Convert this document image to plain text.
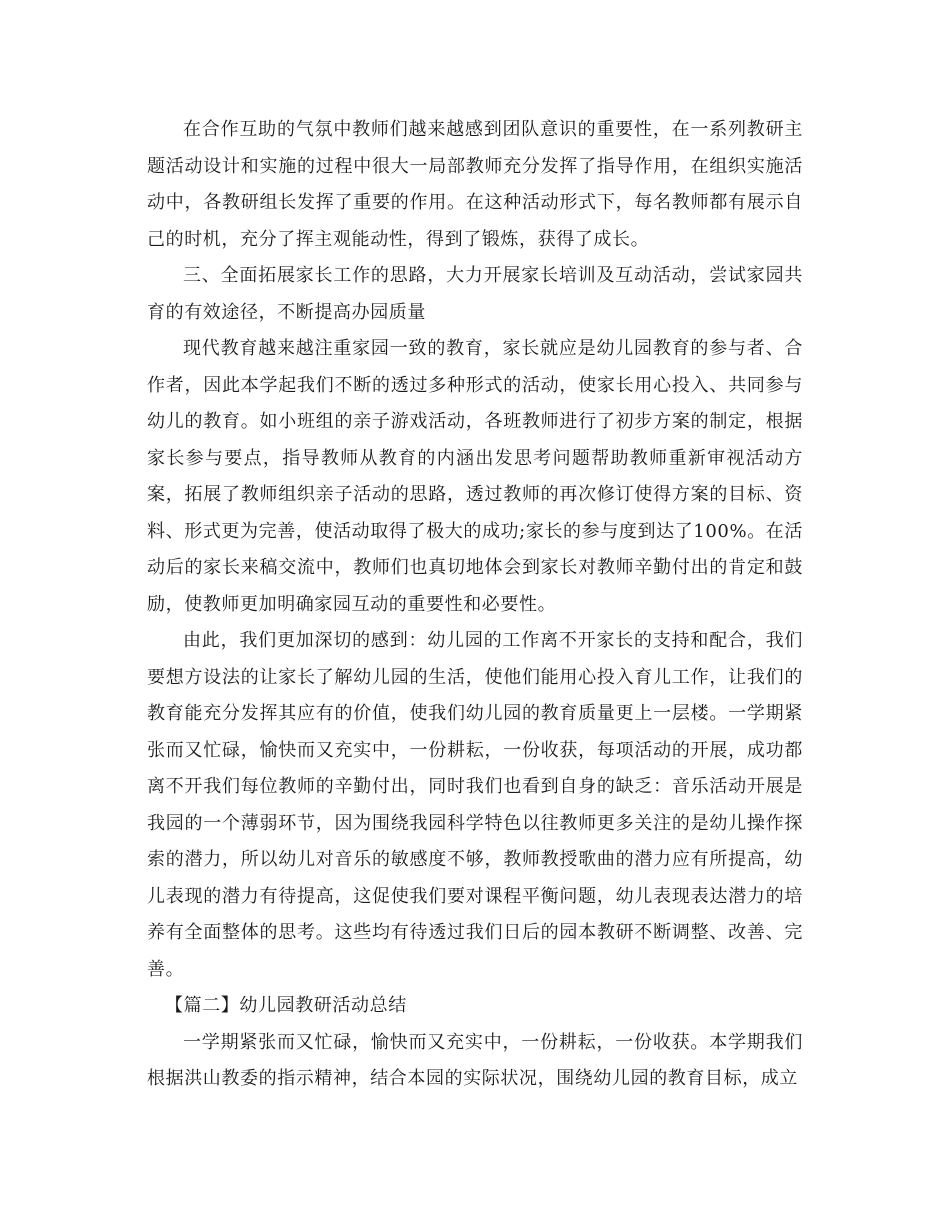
在合作互助的气氛中教师们越来越感到团队意识的重要性，在一系列教研主题活动设计和实施的过程中很大一局部教师充分发挥了指导作用，在组织实施活动中，各教研组长发挥了重要的作用。在这种活动形式下，每名教师都有展示自己的时机，充分了挥主观能动性，得到了锻炼，获得了成长。

三、全面拓展家长工作的思路，大力开展家长培训及互动活动，尝试家园共育的有效途径，不断提高办园质量

现代教育越来越注重家园一致的教育，家长就应是幼儿园教育的参与者、合作者，因此本学起我们不断的透过多种形式的活动，使家长用心投入、共同参与幼儿的教育。如小班组的亲子游戏活动，各班教师进行了初步方案的制定，根据家长参与要点，指导教师从教育的内涵出发思考问题帮助教师重新审视活动方案，拓展了教师组织亲子活动的思路，透过教师的再次修订使得方案的目标、资料、形式更为完善，使活动取得了极大的成功;家长的参与度到达了100%。在活动后的家长来稿交流中，教师们也真切地体会到家长对教师辛勤付出的肯定和鼓励，使教师更加明确家园互动的重要性和必要性。

由此，我们更加深切的感到：幼儿园的工作离不开家长的支持和配合，我们要想方设法的让家长了解幼儿园的生活，使他们能用心投入育儿工作，让我们的教育能充分发挥其应有的价值，使我们幼儿园的教育质量更上一层楼。一学期紧张而又忙碌，愉快而又充实中，一份耕耘，一份收获，每项活动的开展，成功都离不开我们每位教师的辛勤付出，同时我们也看到自身的缺乏：音乐活动开展是我园的一个薄弱环节，因为围绕我园科学特色以往教师更多关注的是幼儿操作探索的潜力，所以幼儿对音乐的敏感度不够，教师教授歌曲的潜力应有所提高，幼儿表现的潜力有待提高，这促使我们要对课程平衡问题，幼儿表现表达潜力的培养有全面整体的思考。这些均有待透过我们日后的园本教研不断调整、改善、完善。

【篇二】幼儿园教研活动总结

一学期紧张而又忙碌，愉快而又充实中，一份耕耘，一份收获。本学期我们根据洪山教委的指示精神，结合本园的实际状况，围绕幼儿园的教育目标，成立
